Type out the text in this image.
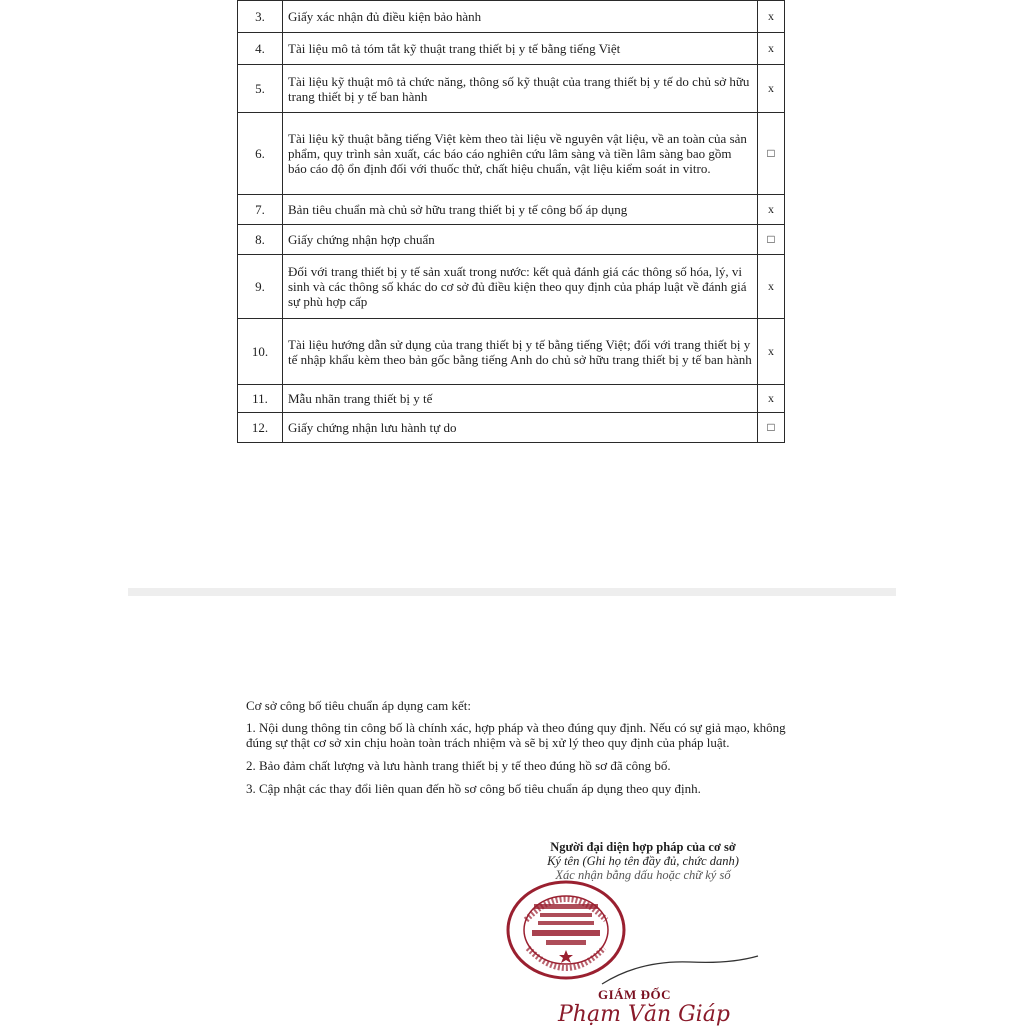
3.	Giấy xác nhận đủ điều kiện bảo hành	x
4.	Tài liệu mô tả tóm tắt kỹ thuật trang thiết bị y tế bằng tiếng Việt	x
5.	Tài liệu kỹ thuật mô tả chức năng, thông số kỹ thuật của trang thiết bị y tế do chủ sở hữu trang thiết bị y tế ban hành	x
6.	Tài liệu kỹ thuật bằng tiếng Việt kèm theo tài liệu về nguyên vật liệu, về an toàn của sản phẩm, quy trình sản xuất, các báo cáo nghiên cứu lâm sàng và tiền lâm sàng bao gồm báo cáo độ ổn định đối với thuốc thử, chất hiệu chuẩn, vật liệu kiểm soát in vitro.	□
7.	Bản tiêu chuẩn mà chủ sở hữu trang thiết bị y tế công bố áp dụng	x
8.	Giấy chứng nhận hợp chuẩn	□
9.	Đối với trang thiết bị y tế sản xuất trong nước: kết quả đánh giá các thông số hóa, lý, vi sinh và các thông số khác do cơ sở đủ điều kiện theo quy định của pháp luật về đánh giá sự phù hợp cấp	x
10.	Tài liệu hướng dẫn sử dụng của trang thiết bị y tế bằng tiếng Việt; đối với trang thiết bị y tế nhập khẩu kèm theo bản gốc bằng tiếng Anh do chủ sở hữu trang thiết bị y tế ban hành	x
11.	Mẫu nhãn trang thiết bị y tế	x
12.	Giấy chứng nhận lưu hành tự do	□

Cơ sở công bố tiêu chuẩn áp dụng cam kết:

1. Nội dung thông tin công bố là chính xác, hợp pháp và theo đúng quy định. Nếu có sự giả mạo, không đúng sự thật cơ sở xin chịu hoàn toàn trách nhiệm và sẽ bị xử lý theo quy định của pháp luật.

2. Bảo đảm chất lượng và lưu hành trang thiết bị y tế theo đúng hồ sơ đã công bố.

3. Cập nhật các thay đổi liên quan đến hồ sơ công bố tiêu chuẩn áp dụng theo quy định.

Người đại diện hợp pháp của cơ sở
Ký tên (Ghi họ tên đầy đủ, chức danh)
Xác nhận bằng dấu hoặc chữ ký số
GIÁM ĐỐC
Phạm Văn Giáp
